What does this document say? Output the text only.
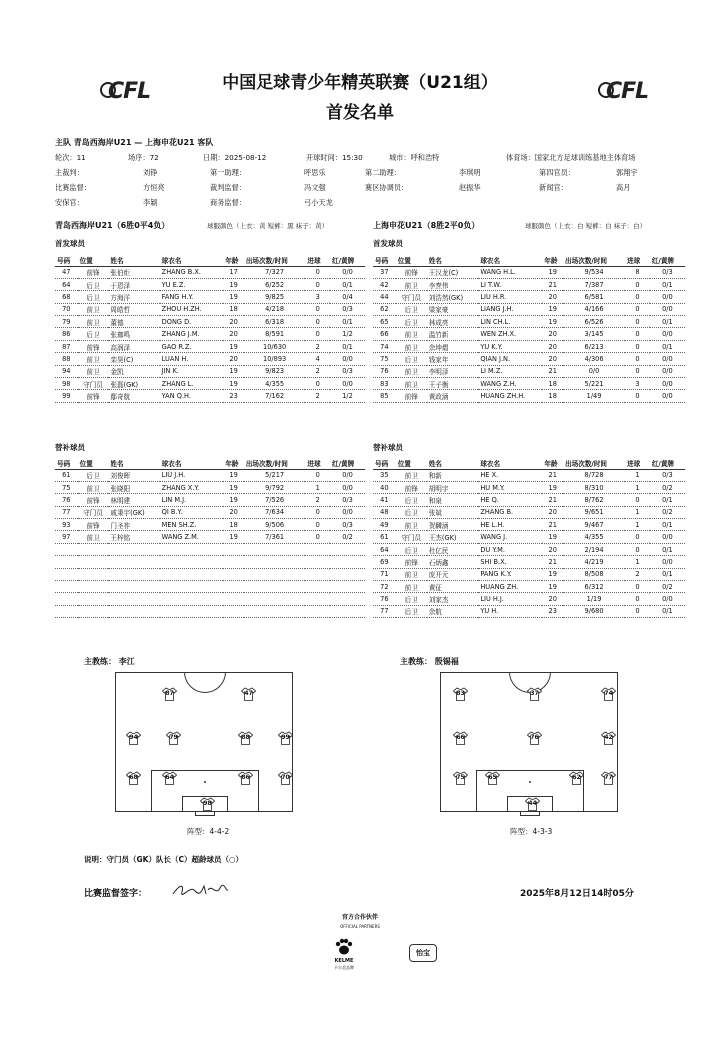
CFL	CFL
中国足球青少年精英联赛（U21组）
首发名单
主队 青岛西海岸U21 — 上海申花U21 客队
轮次：11	场序：72	日期：2025-08-12	开球时间：15:30	城市：呼和浩特	体育场：国家北方足球训练基地主体育场
主裁判：	刘铮	第一助理：	呼思乐	第二助理：	李琪明	第四官员：	郭翔宇
比赛监督：	方恒亮	裁判监督：	冯文强	赛区协调员：	赵振华	新闻官：	高月
安保官：	李颖	商务监督：	弓小天龙
青岛西海岸U21（6胜0平4负）	球服颜色（上衣：黄 短裤：黑 袜子：黄）	上海申花U21（8胜2平0负）	球服颜色（上衣：白 短裤：白 袜子：白）
首发球员	首发球员
号码	位置	姓名	球衣名	年龄	出场次数/时间	进球	红/黄牌
47	前锋	张伯炬	ZHANG B.X.	17	7/327	0	0/0
64	后卫	于恩泽	YU E.Z.	19	6/252	0	0/1
68	后卫	方海洋	FANG H.Y.	19	9/825	3	0/4
70	前卫	周皓哲	ZHOU H.ZH.	18	4/218	0	0/3
79	前卫	董德	DONG D.	20	6/318	0	0/1
86	后卫	张珈鸣	ZHANG J.M.	20	8/591	0	1/2
87	前锋	高润泽	GAO R.Z.	19	10/630	2	0/1
88	前卫	栾昊(C)	LUAN H.	20	10/893	4	0/0
94	前卫	金凯	JIN K.	19	9/823	2	0/3
98	守门员	张磊(GK)	ZHANG L.	19	4/355	0	0/0
99	前锋	鄢奇航	YAN Q.H.	23	7/162	2	1/2
号码	位置	姓名	球衣名	年龄	出场次数/时间	进球	红/黄牌
37	前锋	王汉龙(C)	WANG H.L.	19	9/534	8	0/3
42	前卫	李焘伟	LI T.W.	21	7/387	0	0/1
44	守门员	刘浩然(GK)	LIU H.R.	20	6/581	0	0/0
62	后卫	梁家豪	LIANG J.H.	19	4/166	0	0/0
65	后卫	林成亮	LIN CH.L.	19	6/526	0	0/1
66	前卫	温竹新	WEN ZH.X.	20	3/145	0	0/0
74	前卫	余坤熠	YU K.Y.	20	6/213	0	0/1
75	后卫	钱家年	QIAN J.N.	20	4/306	0	0/0
76	前卫	李明泽	LI M.Z.	21	0/0	0	0/0
83	前卫	王子衡	WANG Z.H.	18	5/221	3	0/0
85	前锋	黄政涵	HUANG ZH.H.	18	1/49	0	0/0
替补球员	替补球员
号码	位置	姓名	球衣名	年龄	出场次数/时间	进球	红/黄牌
61	后卫	刘俊晖	LIU J.H.	19	5/217	0	0/0
75	前卫	张晓阳	ZHANG X.Y.	19	9/792	1	0/0
76	前锋	林明建	LIN M.J.	19	7/526	2	0/3
77	守门员	戚秉宇(GK)	QI B.Y.	20	7/634	0	0/0
93	前锋	门圣祚	MEN SH.Z.	18	9/506	0	0/3
97	前卫	王梓铭	WANG Z.M.	19	7/361	0	0/2

号码	位置	姓名	球衣名	年龄	出场次数/时间	进球	红/黄牌
35	前卫	和新	HE X.	21	8/728	1	0/3
40	前锋	胡明宇	HU M.Y.	19	8/310	1	0/2
41	后卫	和泉	HE Q.	21	8/762	0	0/1
48	后卫	张斌	ZHANG B.	20	9/651	1	0/2
49	前卫	贺麟涵	HE L.H.	21	9/467	1	0/1
61	守门员	王杰(GK)	WANG J.	19	4/355	0	0/0
64	后卫	杜亿民	DU Y.M.	20	2/194	0	0/1
69	前锋	石炳鑫	SHI B.X.	21	4/219	1	0/0
71	前卫	庞开元	PANG K.Y.	19	8/508	2	0/1
72	前卫	黄征	HUANG ZH.	19	6/312	0	0/2
76	后卫	刘家杰	LIU H.J.	20	1/19	0	0/0
77	后卫	余航	YU H.	23	9/680	0	0/1
主教练： 李江	主教练： 殷锡福
87	47
94	79	88	99
68	64	86	70
98
83	37	74
66	76	42
75	65	62	77
44
阵型：4-4-2	阵型：4-3-3
说明：守门员（GK）队长（C）超龄球员（○）
比赛监督签字：	2025年8月12日14时05分
官方合作伙伴
OFFICIAL PARTNERS
KELME
卡尔美品牌
怡宝
